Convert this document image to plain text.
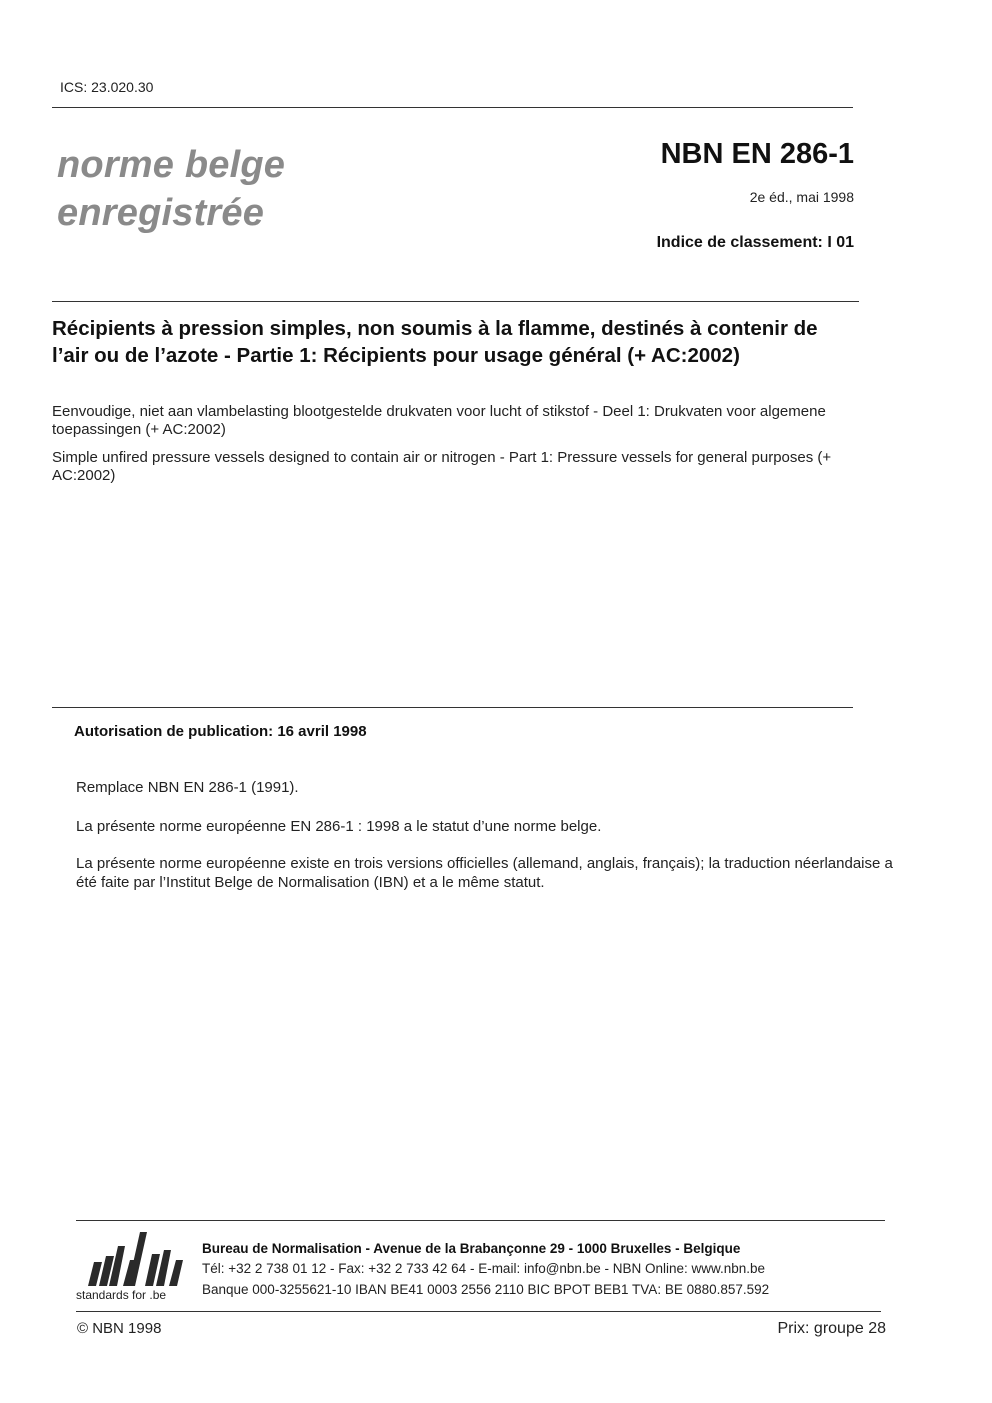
ICS: 23.020.30
norme belge
enregistrée
NBN EN 286-1
2e éd., mai 1998
Indice de classement: I 01
Récipients à pression simples, non soumis à la flamme, destinés à contenir de l’air ou de l’azote - Partie 1: Récipients pour usage général (+ AC:2002)
Eenvoudige, niet aan vlambelasting blootgestelde drukvaten voor lucht of stikstof - Deel 1: Drukvaten voor algemene toepassingen (+ AC:2002)
Simple unfired pressure vessels designed to contain air or nitrogen - Part 1: Pressure vessels for general purposes (+ AC:2002)
Autorisation de publication: 16 avril 1998
Remplace NBN EN 286-1 (1991).
La présente norme européenne EN 286-1 : 1998 a le statut d’une norme belge.
La présente norme européenne existe en trois versions officielles (allemand, anglais, français); la traduction néerlandaise a été faite par l’Institut Belge de Normalisation (IBN) et a le même statut.
standards for .be
Bureau de Normalisation - Avenue de la Brabançonne 29 - 1000 Bruxelles - Belgique
Tél: +32 2 738 01 12 - Fax: +32 2 733 42 64 - E-mail: info@nbn.be - NBN Online: www.nbn.be
Banque 000-3255621-10 IBAN BE41 0003 2556 2110 BIC BPOT BEB1 TVA: BE 0880.857.592
© NBN 1998	Prix: groupe 28
